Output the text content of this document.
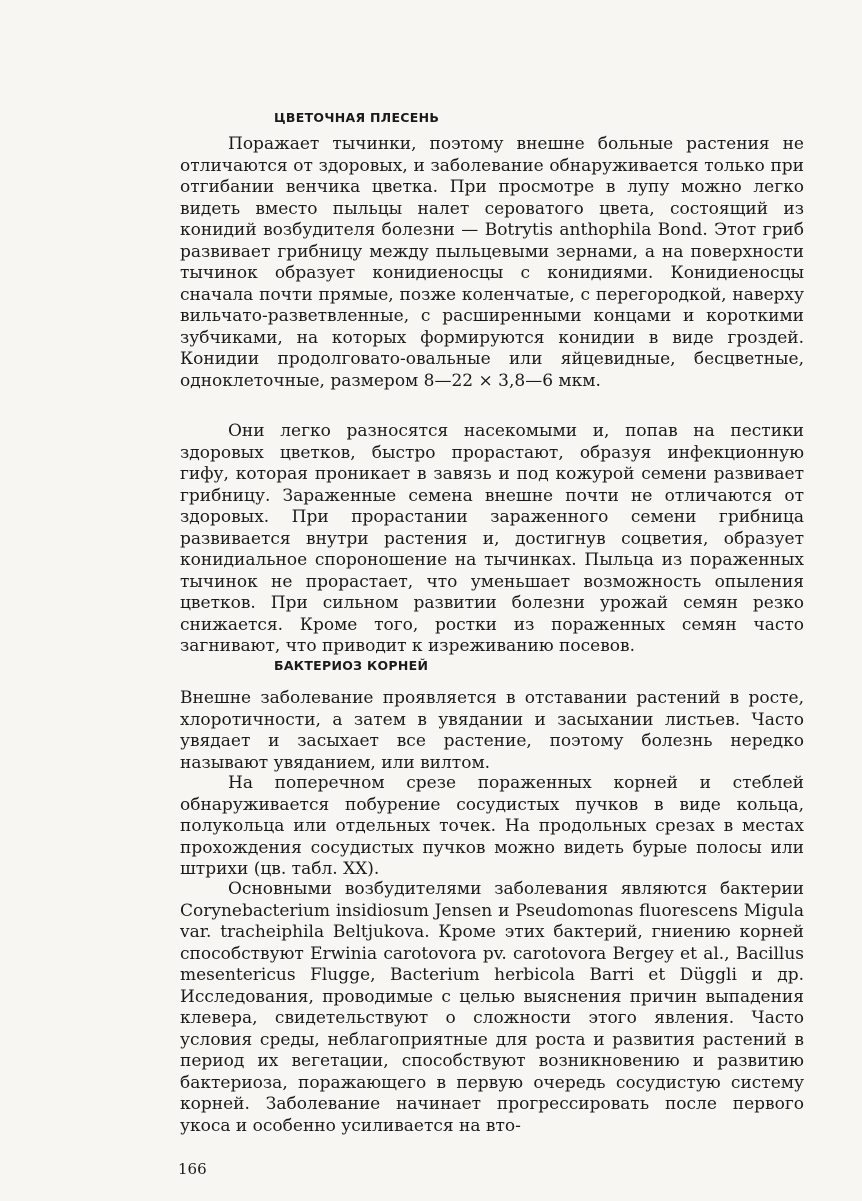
ЦВЕТОЧНАЯ ПЛЕСЕНЬ

Поражает тычинки, поэтому внешне больные растения не отличаются от здоровых, и заболевание обнаруживается только при отгибании венчика цветка. При просмотре в лупу можно легко видеть вместо пыльцы налет сероватого цвета, состоящий из конидий возбудителя болезни — Botrytis anthophila Bond. Этот гриб развивает грибницу между пыльцевыми зернами, а на поверхности тычинок образует конидиеносцы с конидиями. Конидиеносцы сначала почти прямые, позже коленчатые, с перегородкой, наверху вильчато-разветвленные, с расширенными концами и короткими зубчиками, на которых формируются конидии в виде гроздей. Конидии продолговато-овальные или яйцевидные, бесцветные, одноклеточные, размером 8—22 × 3,8—6 мкм.

Они легко разносятся насекомыми и, попав на пестики здоровых цветков, быстро прорастают, образуя инфекционную гифу, которая проникает в завязь и под кожурой семени развивает грибницу. Зараженные семена внешне почти не отличаются от здоровых. При прорастании зараженного семени грибница развивается внутри растения и, достигнув соцветия, образует конидиальное спороношение на тычинках. Пыльца из пораженных тычинок не прорастает, что уменьшает возможность опыления цветков. При сильном развитии болезни урожай семян резко снижается. Кроме того, ростки из пораженных семян часто загнивают, что приводит к изреживанию посевов.

БАКТЕРИОЗ КОРНЕЙ

Внешне заболевание проявляется в отставании растений в росте, хлоротичности, а затем в увядании и засыхании листьев. Часто увядает и засыхает все растение, поэтому болезнь нередко называют увяданием, или вилтом.

На поперечном срезе пораженных корней и стеблей обнаруживается побурение сосудистых пучков в виде кольца, полукольца или отдельных точек. На продольных срезах в местах прохождения сосудистых пучков можно видеть бурые полосы или штрихи (цв. табл. XX).

Основными возбудителями заболевания являются бактерии Corynebacterium insidiosum Jensen и Pseudomonas fluorescens Migula var. tracheiphila Beltjukova. Кроме этих бактерий, гниению корней способствуют Erwinia carotovora pv. carotovora Bergey et al., Bacillus mesentericus Flugge, Bacterium herbicola Barri et Düggli и др. Исследования, проводимые с целью выяснения причин выпадения клевера, свидетельствуют о сложности этого явления. Часто условия среды, неблагоприятные для роста и развития растений в период их вегетации, способствуют возникновению и развитию бактериоза, поражающего в первую очередь сосудистую систему корней. Заболевание начинает прогрессировать после первого укоса и особенно усиливается на вто-

166
